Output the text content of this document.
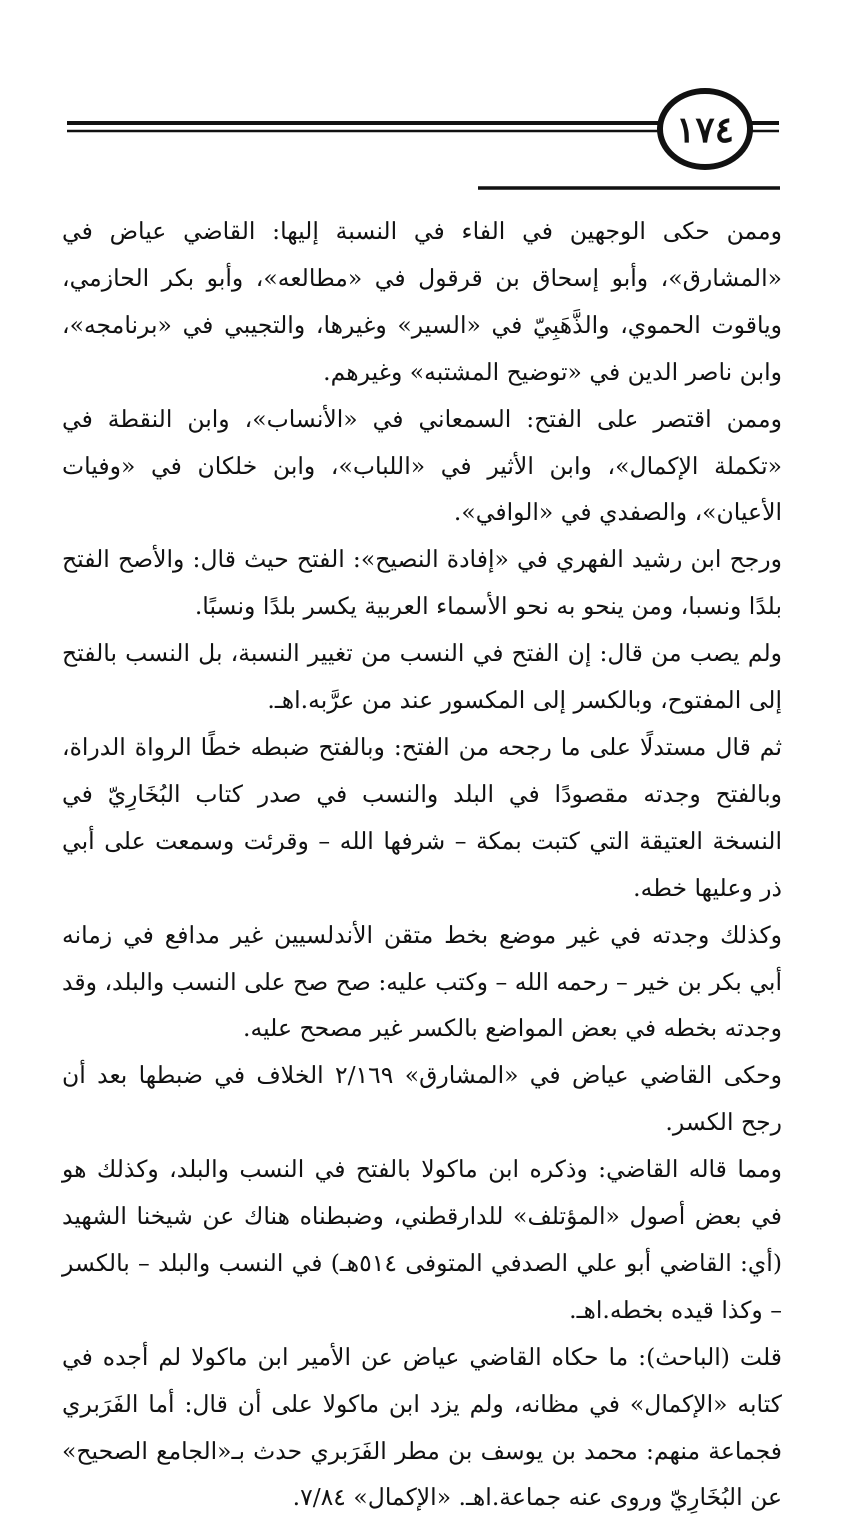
١٧٤

وممن حكى الوجهين في الفاء في النسبة إليها: القاضي عياض في «المشارق»، وأبو إسحاق بن قرقول في «مطالعه»، وأبو بكر الحازمي، وياقوت الحموي، والذَّهَبِيّ في «السير» وغيرها، والتجيبي في «برنامجه»، وابن ناصر الدين في «توضيح المشتبه» وغيرهم.

وممن اقتصر على الفتح: السمعاني في «الأنساب»، وابن النقطة في «تكملة الإكمال»، وابن الأثير في «اللباب»، وابن خلكان في «وفيات الأعيان»، والصفدي في «الوافي».

ورجح ابن رشيد الفهري في «إفادة النصيح»: الفتح حيث قال: والأصح الفتح بلدًا ونسبا، ومن ينحو به نحو الأسماء العربية يكسر بلدًا ونسبًا.

ولم يصب من قال: إن الفتح في النسب من تغيير النسبة، بل النسب بالفتح إلى المفتوح، وبالكسر إلى المكسور عند من عرَّبه.اهـ.

ثم قال مستدلًا على ما رجحه من الفتح: وبالفتح ضبطه خطًا الرواة الدراة، وبالفتح وجدته مقصودًا في البلد والنسب في صدر كتاب البُخَارِيّ في النسخة العتيقة التي كتبت بمكة – شرفها الله – وقرئت وسمعت على أبي ذر وعليها خطه.

وكذلك وجدته في غير موضع بخط متقن الأندلسيين غير مدافع في زمانه أبي بكر بن خير – رحمه الله – وكتب عليه: صح صح على النسب والبلد، وقد وجدته بخطه في بعض المواضع بالكسر غير مصحح عليه.

وحكى القاضي عياض في «المشارق» ٢/١٦٩ الخلاف في ضبطها بعد أن رجح الكسر.

ومما قاله القاضي: وذكره ابن ماكولا بالفتح في النسب والبلد، وكذلك هو في بعض أصول «المؤتلف» للدارقطني، وضبطناه هناك عن شيخنا الشهيد (أي: القاضي أبو علي الصدفي المتوفى ٥١٤هـ) في النسب والبلد – بالكسر – وكذا قيده بخطه.اهـ.

قلت (الباحث): ما حكاه القاضي عياض عن الأمير ابن ماكولا لم أجده في كتابه «الإكمال» في مظانه، ولم يزد ابن ماكولا على أن قال: أما الفَرَبري فجماعة منهم: محمد بن يوسف بن مطر الفَرَبري حدث بـ«الجامع الصحيح» عن البُخَارِيّ وروى عنه جماعة.اهـ. «الإكمال» ٧/٨٤.
